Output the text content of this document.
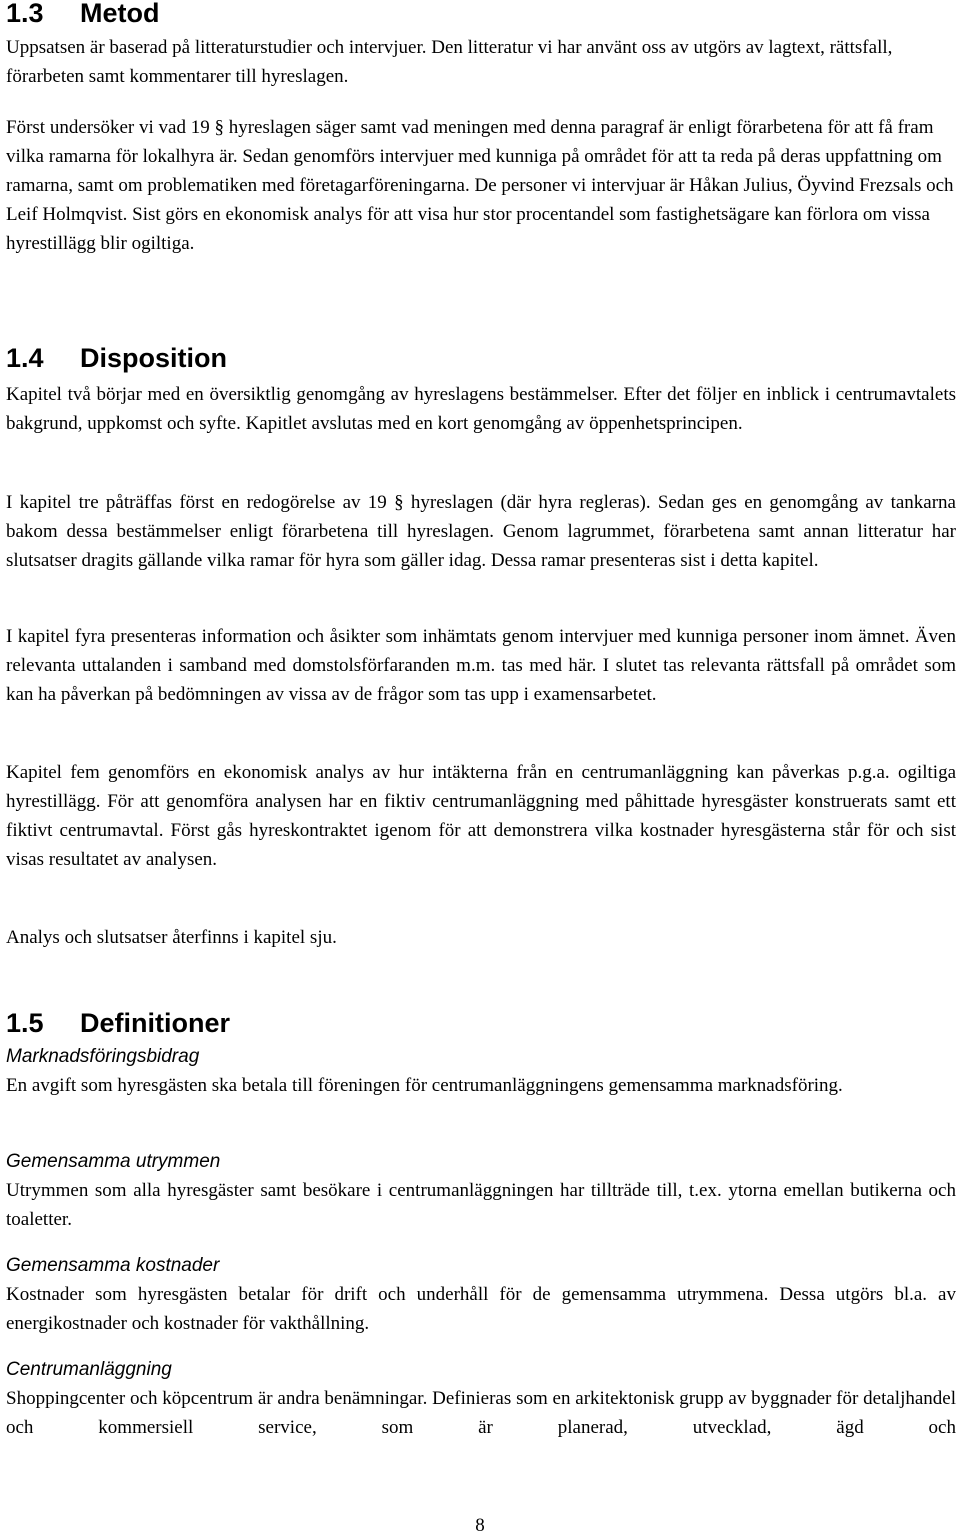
1.3 Metod

Uppsatsen är baserad på litteraturstudier och intervjuer. Den litteratur vi har använt oss av utgörs av lagtext, rättsfall, förarbeten samt kommentarer till hyreslagen.

Först undersöker vi vad 19 § hyreslagen säger samt vad meningen med denna paragraf är enligt förarbetena för att få fram vilka ramarna för lokalhyra är. Sedan genomförs intervjuer med kunniga på området för att ta reda på deras uppfattning om ramarna, samt om problematiken med företagarföreningarna. De personer vi intervjuar är Håkan Julius, Öyvind Frezsals och Leif Holmqvist. Sist görs en ekonomisk analys för att visa hur stor procentandel som fastighetsägare kan förlora om vissa hyrestillägg blir ogiltiga.

1.4 Disposition

Kapitel två börjar med en översiktlig genomgång av hyreslagens bestämmelser. Efter det följer en inblick i centrumavtalets bakgrund, uppkomst och syfte. Kapitlet avslutas med en kort genomgång av öppenhetsprincipen.

I kapitel tre påträffas först en redogörelse av 19 § hyreslagen (där hyra regleras). Sedan ges en genomgång av tankarna bakom dessa bestämmelser enligt förarbetena till hyreslagen. Genom lagrummet, förarbetena samt annan litteratur har slutsatser dragits gällande vilka ramar för hyra som gäller idag. Dessa ramar presenteras sist i detta kapitel.

I kapitel fyra presenteras information och åsikter som inhämtats genom intervjuer med kunniga personer inom ämnet. Även relevanta uttalanden i samband med domstolsförfaranden m.m. tas med här. I slutet tas relevanta rättsfall på området som kan ha påverkan på bedömningen av vissa av de frågor som tas upp i examensarbetet.

Kapitel fem genomförs en ekonomisk analys av hur intäkterna från en centrumanläggning kan påverkas p.g.a. ogiltiga hyrestillägg. För att genomföra analysen har en fiktiv centrumanläggning med påhittade hyresgäster konstruerats samt ett fiktivt centrumavtal. Först gås hyreskontraktet igenom för att demonstrera vilka kostnader hyresgästerna står för och sist visas resultatet av analysen.

Analys och slutsatser återfinns i kapitel sju.

1.5 Definitioner
Marknadsföringsbidrag

En avgift som hyresgästen ska betala till föreningen för centrumanläggningens gemensamma marknadsföring.

Gemensamma utrymmen

Utrymmen som alla hyresgäster samt besökare i centrumanläggningen har tillträde till, t.ex. ytorna emellan butikerna och toaletter.

Gemensamma kostnader

Kostnader som hyresgästen betalar för drift och underhåll för de gemensamma utrymmena. Dessa utgörs bl.a. av energikostnader och kostnader för vakthållning.

Centrumanläggning

Shoppingcenter och köpcentrum är andra benämningar. Definieras som en arkitektonisk grupp av byggnader för detaljhandel och kommersiell service, som är planerad, utvecklad, ägd och

8
